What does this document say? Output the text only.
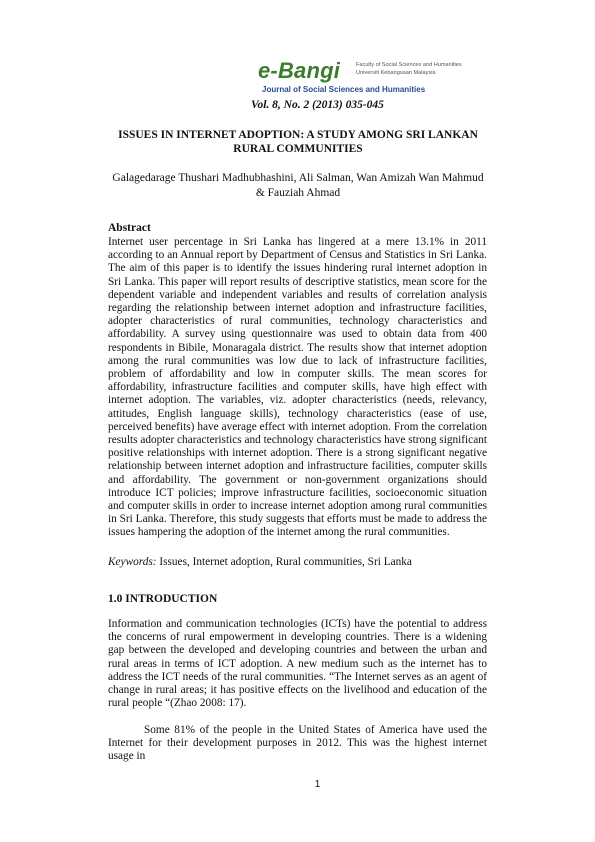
e-Bangi	Faculty of Social Sciences and Humanities
Universiti Kebangsaan Malaysia
Journal of Social Sciences and Humanities
Vol. 8, No. 2 (2013) 035-045
ISSUES IN INTERNET ADOPTION: A STUDY AMONG SRI LANKAN RURAL COMMUNITIES
Galagedarage Thushari Madhubhashini, Ali Salman, Wan Amizah Wan Mahmud & Fauziah Ahmad
Abstract
Internet user percentage in Sri Lanka has lingered at a mere 13.1% in 2011 according to an Annual report by Department of Census and Statistics in Sri Lanka. The aim of this paper is to identify the issues hindering rural internet adoption in Sri Lanka. This paper will report results of descriptive statistics, mean score for the dependent variable and independent variables and results of correlation analysis regarding the relationship between internet adoption and infrastructure facilities, adopter characteristics of rural communities, technology characteristics and affordability. A survey using questionnaire was used to obtain data from 400 respondents in Bibile, Monaragala district. The results show that internet adoption among the rural communities was low due to lack of infrastructure facilities, problem of affordability and low in computer skills. The mean scores for affordability, infrastructure facilities and computer skills, have high effect with internet adoption. The variables, viz. adopter characteristics (needs, relevancy, attitudes, English language skills), technology characteristics (ease of use, perceived benefits) have average effect with internet adoption. From the correlation results adopter characteristics and technology characteristics have strong significant positive relationships with internet adoption. There is a strong significant negative relationship between internet adoption and infrastructure facilities, computer skills and affordability. The government or non-government organizations should introduce ICT policies; improve infrastructure facilities, socioeconomic situation and computer skills in order to increase internet adoption among rural communities in Sri Lanka. Therefore, this study suggests that efforts must be made to address the issues hampering the adoption of the internet among the rural communities.
Keywords: Issues, Internet adoption, Rural communities, Sri Lanka
1.0 INTRODUCTION
Information and communication technologies (ICTs) have the potential to address the concerns of rural empowerment in developing countries. There is a widening gap between the developed and developing countries and between the urban and rural areas in terms of ICT adoption. A new medium such as the internet has to address the ICT needs of the rural communities. “The Internet serves as an agent of change in rural areas; it has positive effects on the livelihood and education of the rural people “(Zhao 2008: 17).
Some 81% of the people in the United States of America have used the Internet for their development purposes in 2012. This was the highest internet usage in
1
